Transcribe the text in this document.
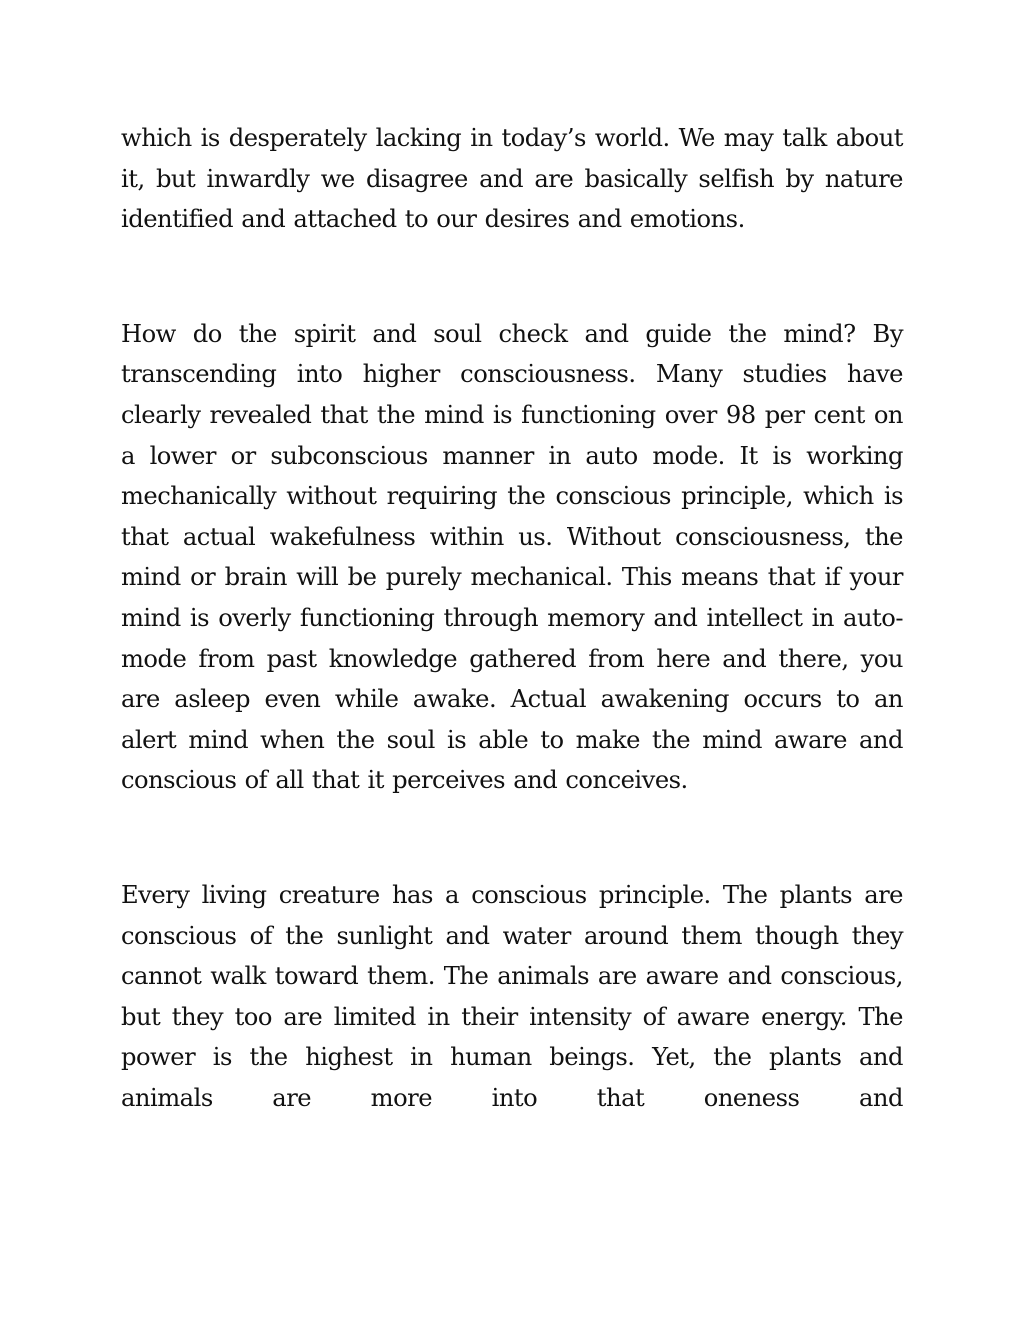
which is desperately lacking in today’s world. We may talk about it, but inwardly we disagree and are basically selfish by nature identified and attached to our desires and emotions.

How do the spirit and soul check and guide the mind? By transcending into higher consciousness. Many studies have clearly revealed that the mind is functioning over 98 per cent on a lower or subconscious manner in auto mode. It is working mechanically without requiring the conscious principle, which is that actual wakefulness within us. Without consciousness, the mind or brain will be purely mechanical. This means that if your mind is overly functioning through memory and intellect in auto-mode from past knowledge gathered from here and there, you are asleep even while awake. Actual awakening occurs to an alert mind when the soul is able to make the mind aware and conscious of all that it perceives and conceives.

Every living creature has a conscious principle. The plants are conscious of the sunlight and water around them though they cannot walk toward them. The animals are aware and conscious, but they too are limited in their intensity of aware energy. The power is the highest in human beings. Yet, the plants and animals are more into that oneness and
